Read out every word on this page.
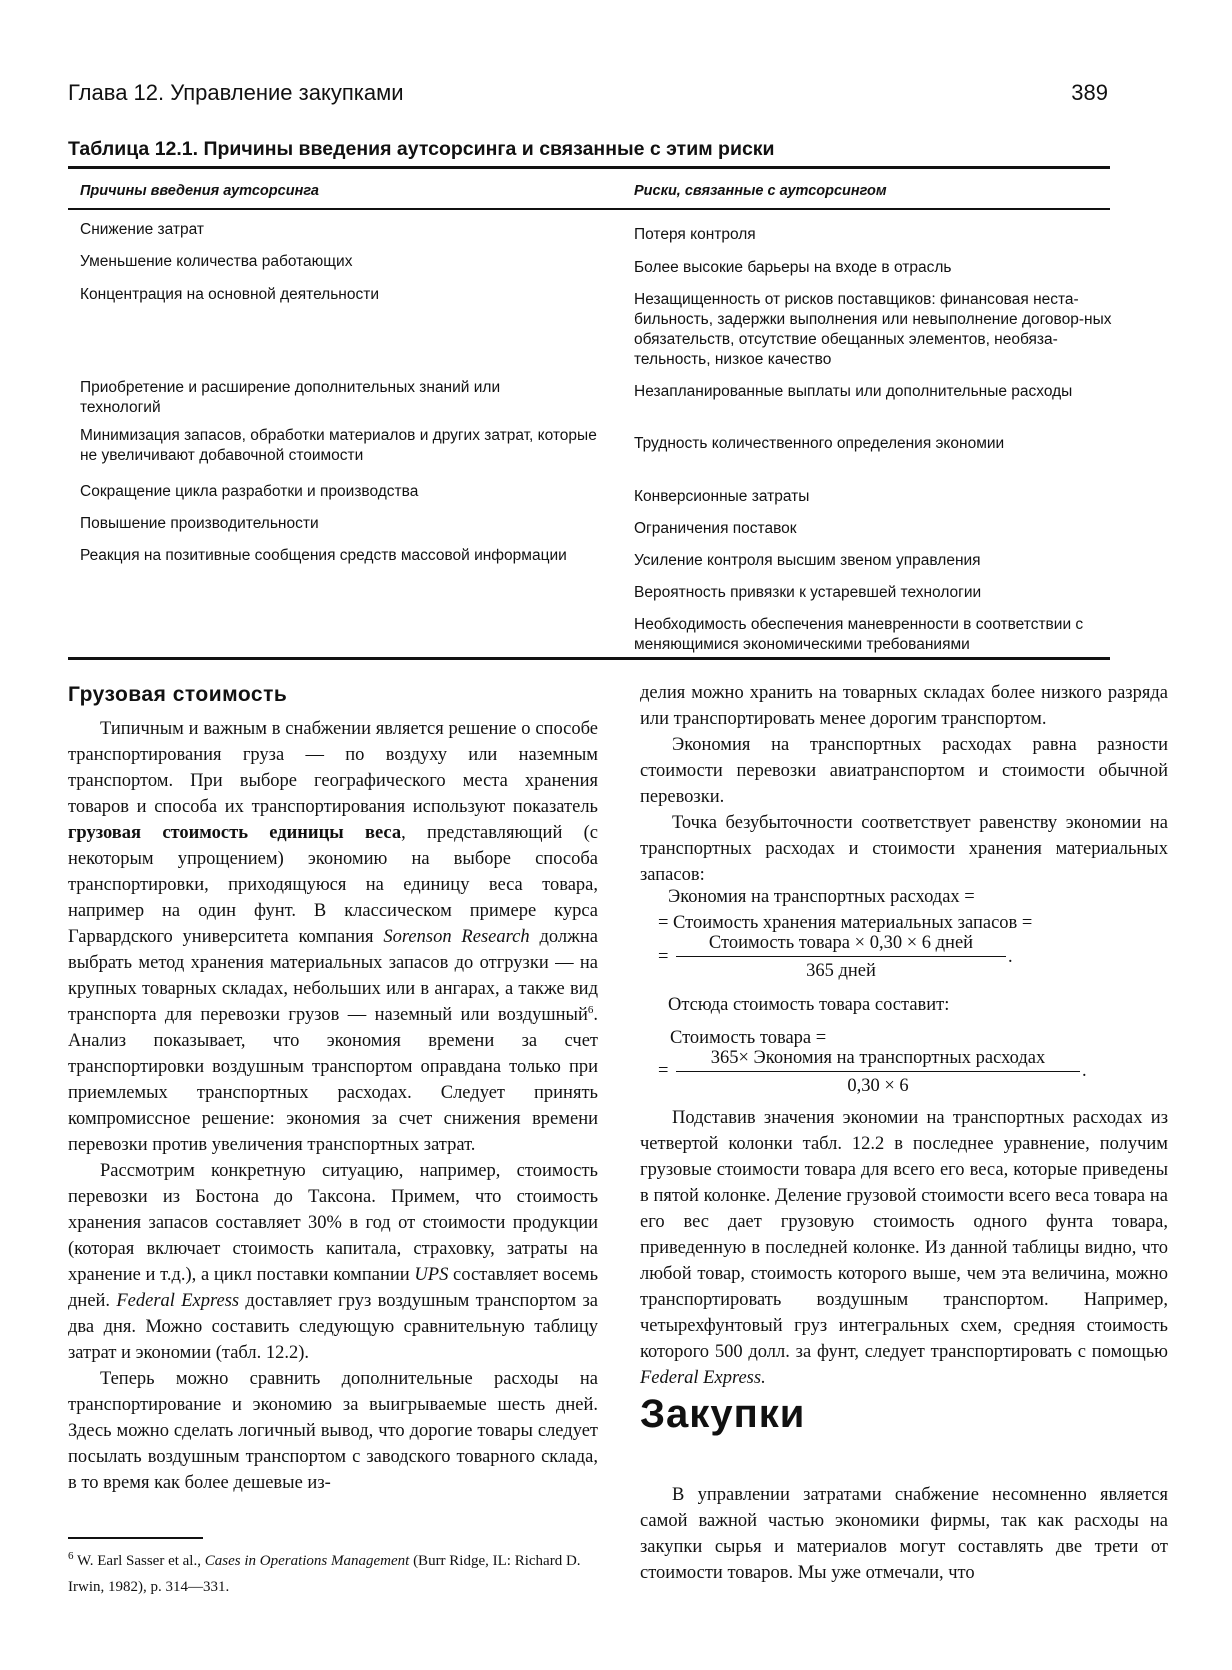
Глава 12. Управление закупками	389
Таблица 12.1. Причины введения аутсорсинга и связанные с этим риски
Причины введения аутсорсинга	Риски, связанные с аутсорсингом
Снижение затрат
Уменьшение количества работающих
Концентрация на основной деятельности
Приобретение и расширение дополнительных знаний или технологий
Минимизация запасов, обработки материалов и других затрат, которые не увеличивают добавочной стоимости
Сокращение цикла разработки и производства
Повышение производительности
Реакция на позитивные сообщения средств массовой информации
Потеря контроля
Более высокие барьеры на входе в отрасль
Незащищенность от рисков поставщиков: финансовая неста-бильность, задержки выполнения или невыполнение договор-ных обязательств, отсутствие обещанных элементов, необяза-тельность, низкое качество
Незапланированные выплаты или дополнительные расходы
Трудность количественного определения экономии
Конверсионные затраты
Ограничения поставок
Усиление контроля высшим звеном управления
Вероятность привязки к устаревшей технологии
Необходимость обеспечения маневренности в соответствии с меняющимися экономическими требованиями
Грузовая стоимость

Типичным и важным в снабжении является решение о способе транспортирования груза — по воздуху или наземным транспортом. При выборе географического места хранения товаров и способа их транспортирования используют показатель грузовая стоимость единицы веса, представляющий (с некоторым упрощением) экономию на выборе способа транспортировки, приходящуюся на единицу веса товара, например на один фунт. В классическом примере курса Гарвардского университета компания Sorenson Research должна выбрать метод хранения материальных запасов до отгрузки — на крупных товарных складах, небольших или в ангарах, а также вид транспорта для перевозки грузов — наземный или воздушный$^6$. Анализ показывает, что экономия времени за счет транспортировки воздушным транспортом оправдана только при приемлемых транспортных расходах. Следует принять компромиссное решение: экономия за счет снижения времени перевозки против увеличения транспортных затрат.

Рассмотрим конкретную ситуацию, например, стоимость перевозки из Бостона до Таксона. Примем, что стоимость хранения запасов составляет 30% в год от стоимости продукции (которая включает стоимость капитала, страховку, затраты на хранение и т.д.), а цикл поставки компании UPS составляет восемь дней. Federal Express доставляет груз воздушным транспортом за два дня. Можно составить следующую сравнительную таблицу затрат и экономии (табл. 12.2).

Теперь можно сравнить дополнительные расходы на транспортирование и экономию за выигрываемые шесть дней. Здесь можно сделать логичный вывод, что дорогие товары следует посылать воздушным транспортом с заводского товарного склада, в то время как более дешевые из-

делия можно хранить на товарных складах более низкого разряда или транспортировать менее дорогим транспортом.

Экономия на транспортных расходах равна разности стоимости перевозки авиатранспортом и стоимости обычной перевозки.

Точка безубыточности соответствует равенству экономии на транспортных расходах и стоимости хранения материальных запасов:

Экономия на транспортных расходах =
= Стоимость хранения материальных запасов =
=
Стоимость товара × 0,30 × 6 дней
.
365 дней
Отсюда стоимость товара составит:
Стоимость товара =
=
365× Экономия на транспортных расходах
.
0,30 × 6

Подставив значения экономии на транспортных расходах из четвертой колонки табл. 12.2 в последнее уравнение, получим грузовые стоимости товара для всего его веса, которые приведены в пятой колонке. Деление грузовой стоимости всего веса товара на его вес дает грузовую стоимость одного фунта товара, приведенную в последней колонке. Из данной таблицы видно, что любой товар, стоимость которого выше, чем эта величина, можно транспортировать воздушным транспортом. Например, четырехфунтовый груз интегральных схем, средняя стоимость которого 500 долл. за фунт, следует транспортировать с помощью Federal Express.

Закупки

В управлении затратами снабжение несомненно является самой важной частью экономики фирмы, так как расходы на закупки сырья и материалов могут составлять две трети от стоимости товаров. Мы уже отмечали, что

$^6$ W. Earl Sasser et al., Cases in Operations Management (Burr Ridge, IL: Richard D. Irwin, 1982), p. 314—331.
